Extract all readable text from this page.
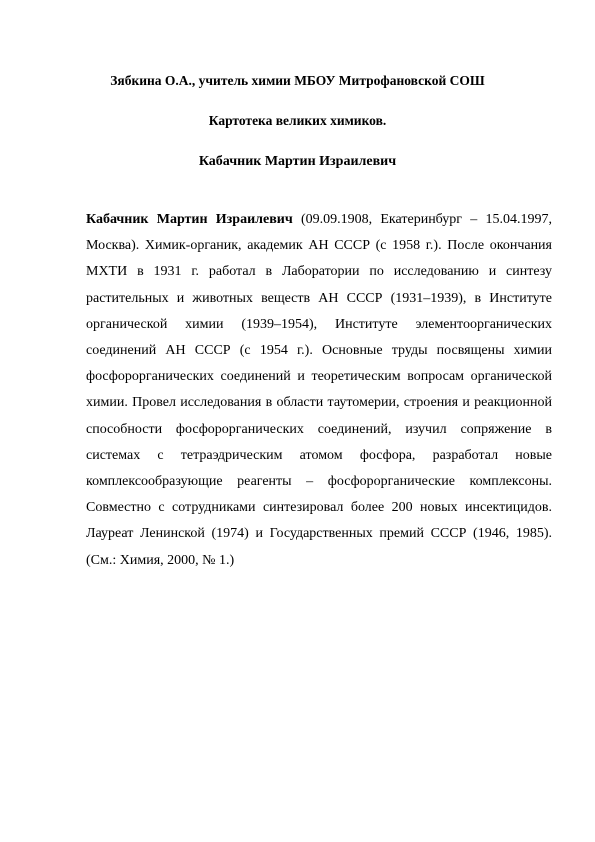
Зябкина О.А., учитель химии МБОУ Митрофановской СОШ
Картотека великих химиков.
Кабачник Мартин Израилевич

Кабачник Мартин Израилевич (09.09.1908, Екатеринбург – 15.04.1997, Москва). Химик-органик, академик АН СССР (с 1958 г.). После окончания МХТИ в 1931 г. работал в Лаборатории по исследованию и синтезу растительных и животных веществ АН СССР (1931–1939), в Институте органической химии (1939–1954), Институте элементоорганических соединений АН СССР (с 1954 г.). Основные труды посвящены химии фосфорорганических соединений и теоретическим вопросам органической химии. Провел исследования в области таутомерии, строения и реакционной способности фосфорорганических соединений, изучил сопряжение в системах с тетраэдрическим атомом фосфора, разработал новые комплексообразующие реагенты – фосфорорганические комплексоны. Совместно с сотрудниками синтезировал более 200 новых инсектицидов. Лауреат Ленинской (1974) и Государственных премий СССР (1946, 1985). (См.: Химия, 2000, № 1.)
